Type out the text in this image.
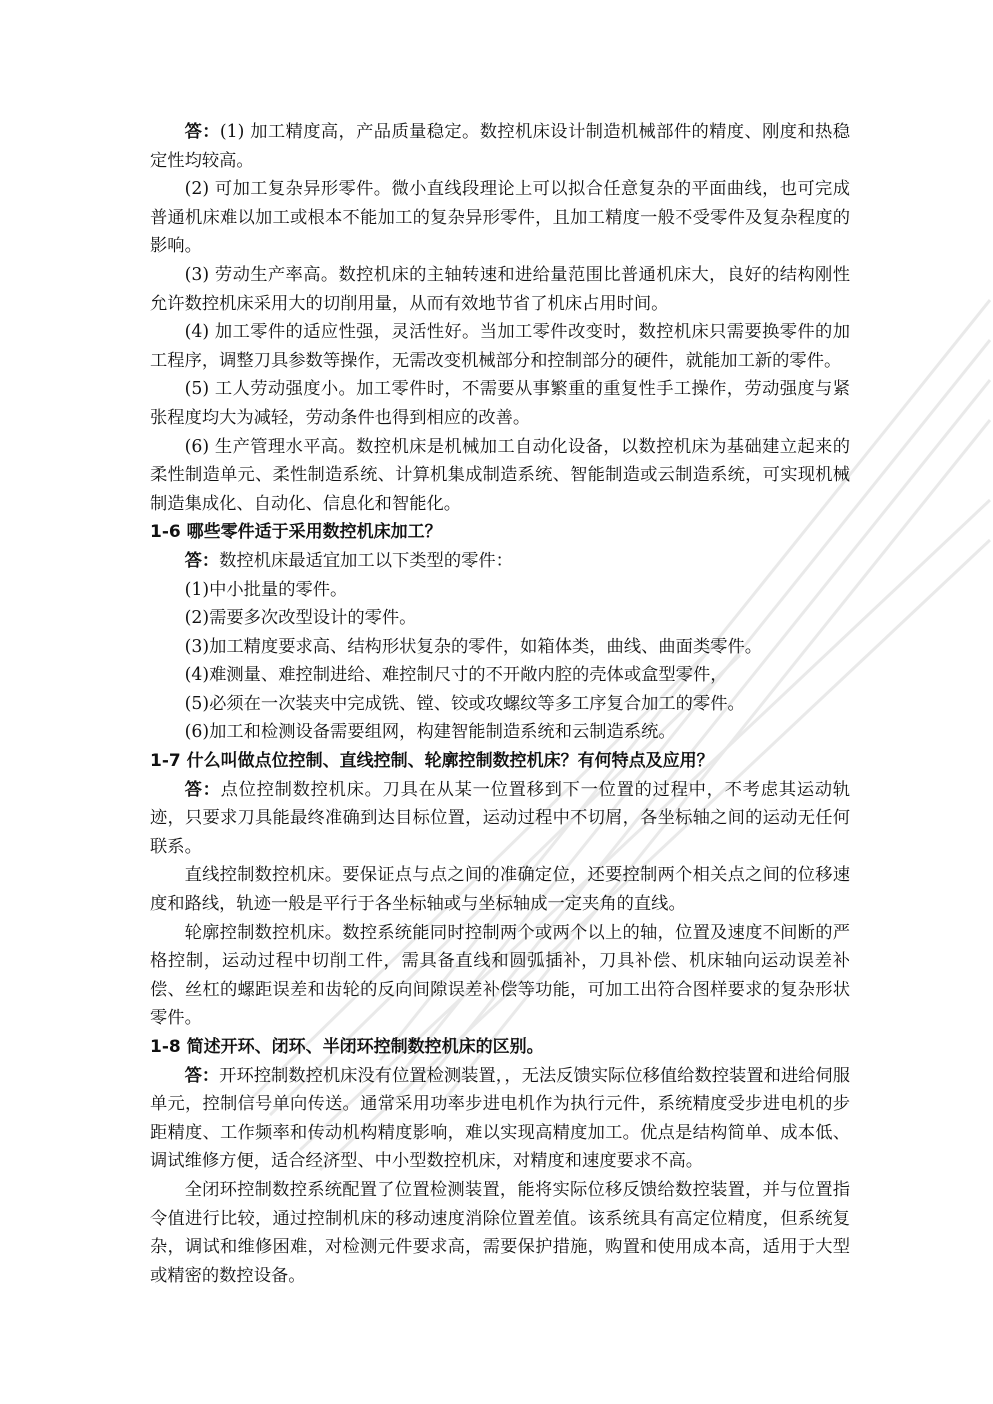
答：(1) 加工精度高，产品质量稳定。数控机床设计制造机械部件的精度、刚度和热稳定性均较高。

(2) 可加工复杂异形零件。微小直线段理论上可以拟合任意复杂的平面曲线，也可完成普通机床难以加工或根本不能加工的复杂异形零件，且加工精度一般不受零件及复杂程度的影响。

(3) 劳动生产率高。数控机床的主轴转速和进给量范围比普通机床大，良好的结构刚性允许数控机床采用大的切削用量，从而有效地节省了机床占用时间。

(4) 加工零件的适应性强，灵活性好。当加工零件改变时，数控机床只需要换零件的加工程序，调整刀具参数等操作，无需改变机械部分和控制部分的硬件，就能加工新的零件。

(5) 工人劳动强度小。加工零件时，不需要从事繁重的重复性手工操作，劳动强度与紧张程度均大为减轻，劳动条件也得到相应的改善。

(6) 生产管理水平高。数控机床是机械加工自动化设备，以数控机床为基础建立起来的柔性制造单元、柔性制造系统、计算机集成制造系统、智能制造或云制造系统，可实现机械制造集成化、自动化、信息化和智能化。

1-6 哪些零件适于采用数控机床加工？

答：数控机床最适宜加工以下类型的零件：

(1)中小批量的零件。

(2)需要多次改型设计的零件。

(3)加工精度要求高、结构形状复杂的零件，如箱体类，曲线、曲面类零件。

(4)难测量、难控制进给、难控制尺寸的不开敞内腔的壳体或盒型零件，

(5)必须在一次装夹中完成铣、镗、铰或攻螺纹等多工序复合加工的零件。

(6)加工和检测设备需要组网，构建智能制造系统和云制造系统。

1-7 什么叫做点位控制、直线控制、轮廓控制数控机床？有何特点及应用？

答：点位控制数控机床。刀具在从某一位置移到下一位置的过程中，不考虑其运动轨迹，只要求刀具能最终准确到达目标位置，运动过程中不切屑，各坐标轴之间的运动无任何联系。

直线控制数控机床。要保证点与点之间的准确定位，还要控制两个相关点之间的位移速度和路线，轨迹一般是平行于各坐标轴或与坐标轴成一定夹角的直线。

轮廓控制数控机床。数控系统能同时控制两个或两个以上的轴，位置及速度不间断的严格控制，运动过程中切削工件，需具备直线和圆弧插补，刀具补偿、机床轴向运动误差补偿、丝杠的螺距误差和齿轮的反向间隙误差补偿等功能，可加工出符合图样要求的复杂形状零件。

1-8 简述开环、闭环、半闭环控制数控机床的区别。

答：开环控制数控机床没有位置检测装置，，无法反馈实际位移值给数控装置和进给伺服单元，控制信号单向传送。通常采用功率步进电机作为执行元件，系统精度受步进电机的步距精度、工作频率和传动机构精度影响，难以实现高精度加工。优点是结构简单、成本低、调试维修方便，适合经济型、中小型数控机床，对精度和速度要求不高。

全闭环控制数控系统配置了位置检测装置，能将实际位移反馈给数控装置，并与位置指令值进行比较，通过控制机床的移动速度消除位置差值。该系统具有高定位精度，但系统复杂，调试和维修困难，对检测元件要求高，需要保护措施，购置和使用成本高，适用于大型或精密的数控设备。
